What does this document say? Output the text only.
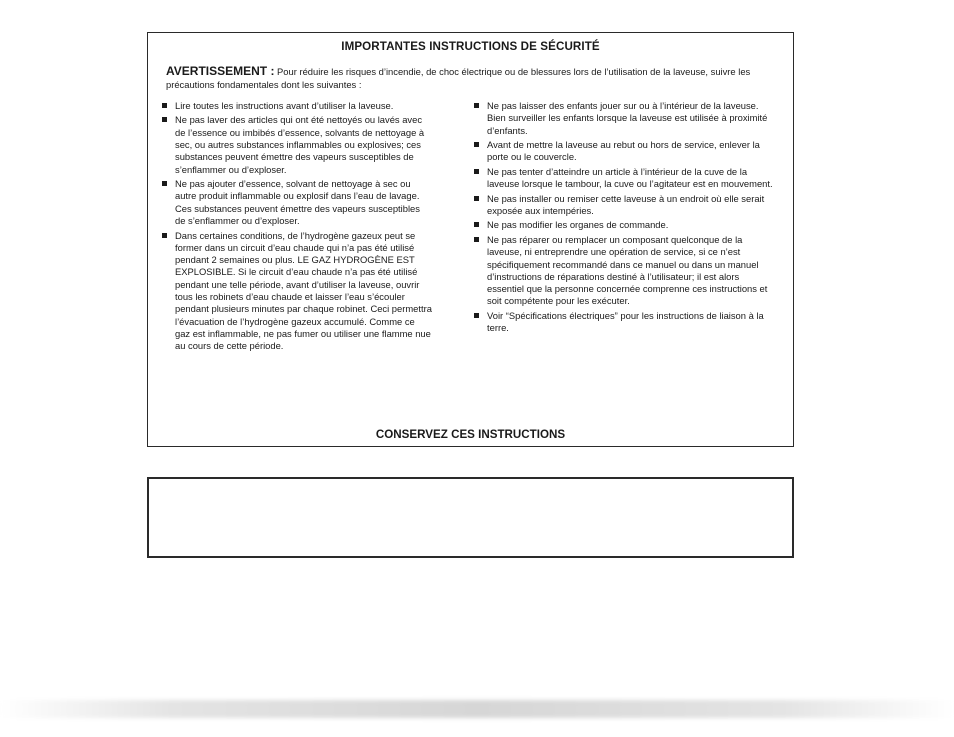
IMPORTANTES INSTRUCTIONS DE SÉCURITÉ

AVERTISSEMENT : Pour réduire les risques d’incendie, de choc électrique ou de blessures lors de l’utilisation de la laveuse, suivre les précautions fondamentales dont les suivantes :

Lire toutes les instructions avant d’utiliser la laveuse.
Ne pas laver des articles qui ont été nettoyés ou lavés avec de l’essence ou imbibés d’essence, solvants de nettoyage à sec, ou autres substances inflammables ou explosives; ces substances peuvent émettre des vapeurs susceptibles de s’enflammer ou d’exploser.
Ne pas ajouter d’essence, solvant de nettoyage à sec ou autre produit inflammable ou explosif dans l’eau de lavage. Ces substances peuvent émettre des vapeurs susceptibles de s’enflammer ou d’exploser.
Dans certaines conditions, de l’hydrogène gazeux peut se former dans un circuit d’eau chaude qui n’a pas été utilisé pendant 2 semaines ou plus. LE GAZ HYDROGÈNE EST EXPLOSIBLE. Si le circuit d’eau chaude n’a pas été utilisé pendant une telle période, avant d’utiliser la laveuse, ouvrir tous les robinets d’eau chaude et laisser l’eau s’écouler pendant plusieurs minutes par chaque robinet. Ceci permettra l’évacuation de l’hydrogène gazeux accumulé. Comme ce gaz est inflammable, ne pas fumer ou utiliser une flamme nue au cours de cette période.
Ne pas laisser des enfants jouer sur ou à l’intérieur de la laveuse. Bien surveiller les enfants lorsque la laveuse est utilisée à proximité d’enfants.
Avant de mettre la laveuse au rebut ou hors de service, enlever la porte ou le couvercle.
Ne pas tenter d’atteindre un article à l’intérieur de la cuve de la laveuse lorsque le tambour, la cuve ou l’agitateur est en mouvement.
Ne pas installer ou remiser cette laveuse à un endroit où elle serait exposée aux intempéries.
Ne pas modifier les organes de commande.
Ne pas réparer ou remplacer un composant quelconque de la laveuse, ni entreprendre une opération de service, si ce n’est spécifiquement recommandé dans ce manuel ou dans un manuel d’instructions de réparations destiné à l’utilisateur; il est alors essentiel que la personne concernée comprenne ces instructions et soit compétente pour les exécuter.
Voir “Spécifications électriques” pour les instructions de liaison à la terre.

CONSERVEZ CES INSTRUCTIONS
